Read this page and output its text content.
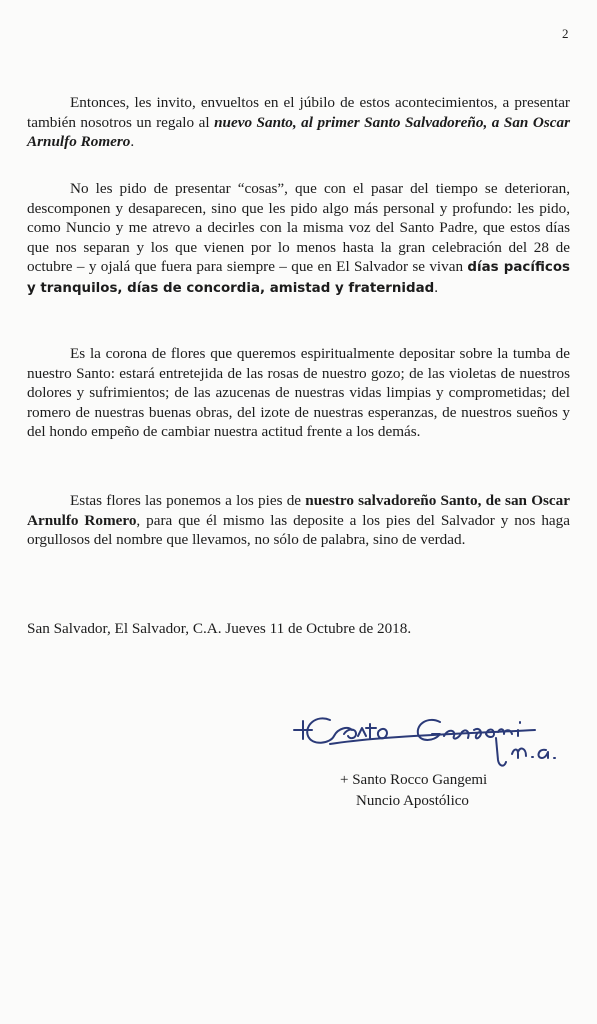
2

Entonces, les invito, envueltos en el júbilo de estos acontecimientos, a presentar también nosotros un regalo al nuevo Santo, al primer Santo Salvadoreño, a San Oscar Arnulfo Romero.

No les pido de presentar “cosas”, que con el pasar del tiempo se deterioran, descomponen y desaparecen, sino que les pido algo más personal y profundo: les pido, como Nuncio y me atrevo a decirles con la misma voz del Santo Padre, que estos días que nos separan y los que vienen por lo menos hasta la gran celebración del 28 de octubre – y ojalá que fuera para siempre – que en El Salvador se vivan días pacíficos y tranquilos, días de concordia, amistad y fraternidad.

Es la corona de flores que queremos espiritualmente depositar sobre la tumba de nuestro Santo: estará entretejida de las rosas de nuestro gozo; de las violetas de nuestros dolores y sufrimientos; de las azucenas de nuestras vidas limpias y comprometidas; del romero de nuestras buenas obras, del izote de nuestras esperanzas, de nuestros sueños y del hondo empeño de cambiar nuestra actitud frente a los demás.

Estas flores las ponemos a los pies de nuestro salvadoreño Santo, de san Oscar Arnulfo Romero, para que él mismo las deposite a los pies del Salvador y nos haga orgullosos del nombre que llevamos, no sólo de palabra, sino de verdad.

San Salvador, El Salvador, C.A. Jueves 11 de Octubre de 2018.
+ Santo Rocco Gangemi
Nuncio Apostólico
